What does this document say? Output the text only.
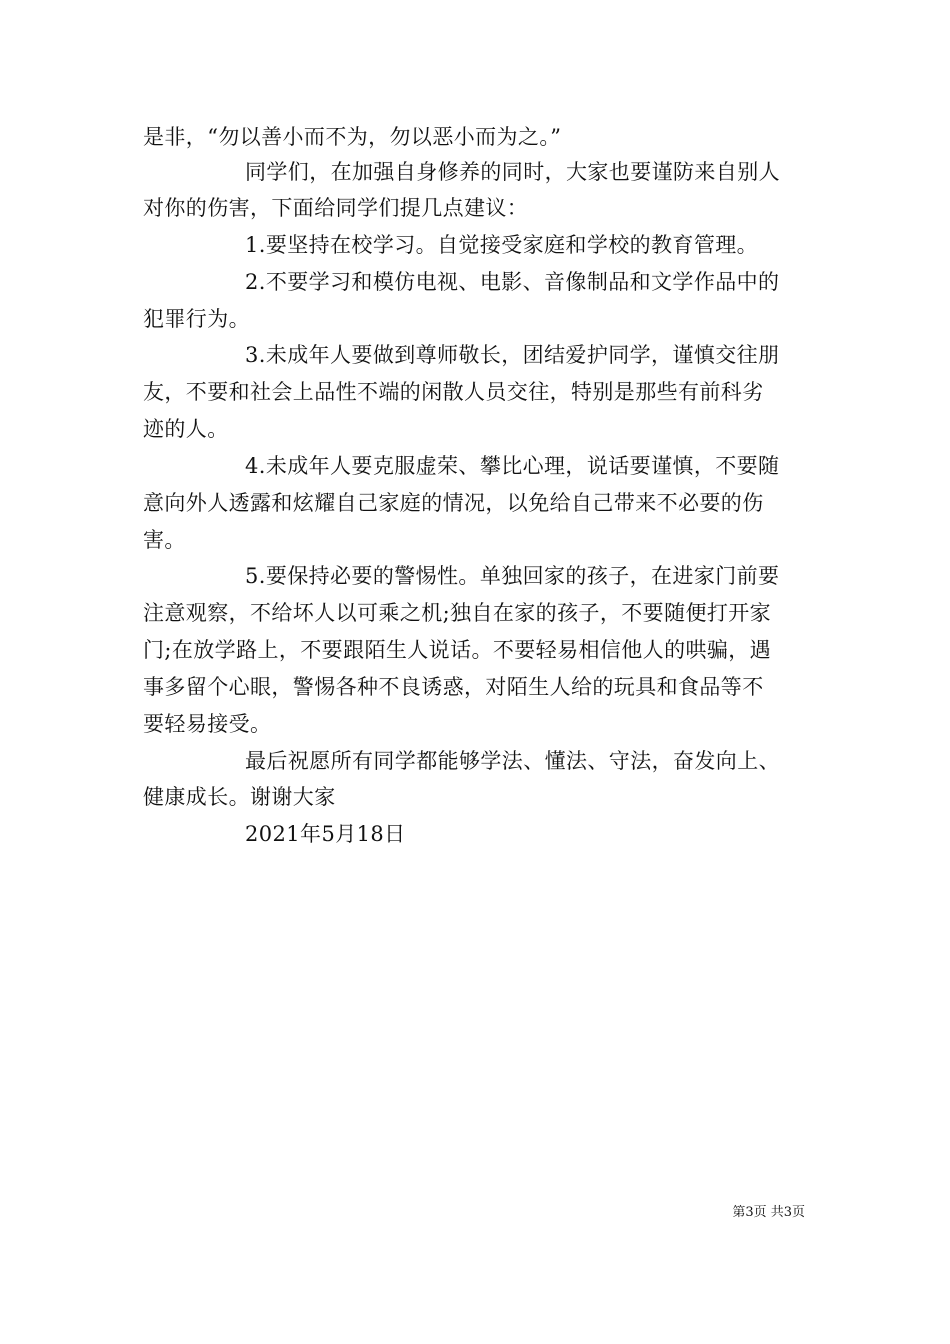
是非，“勿以善小而不为，勿以恶小而为之。”
同学们，在加强自身修养的同时，大家也要谨防来自别人
对你的伤害，下面给同学们提几点建议：
1.要坚持在校学习。自觉接受家庭和学校的教育管理。
2.不要学习和模仿电视、电影、音像制品和文学作品中的
犯罪行为。
3.未成年人要做到尊师敬长，团结爱护同学，谨慎交往朋
友，不要和社会上品性不端的闲散人员交往，特别是那些有前科劣
迹的人。
4.未成年人要克服虚荣、攀比心理，说话要谨慎，不要随
意向外人透露和炫耀自己家庭的情况，以免给自己带来不必要的伤
害。
5.要保持必要的警惕性。单独回家的孩子，在进家门前要
注意观察，不给坏人以可乘之机;独自在家的孩子，不要随便打开家
门;在放学路上，不要跟陌生人说话。不要轻易相信他人的哄骗，遇
事多留个心眼，警惕各种不良诱惑，对陌生人给的玩具和食品等不
要轻易接受。
最后祝愿所有同学都能够学法、懂法、守法，奋发向上、
健康成长。谢谢大家
2021年5月18日
第3页 共3页
